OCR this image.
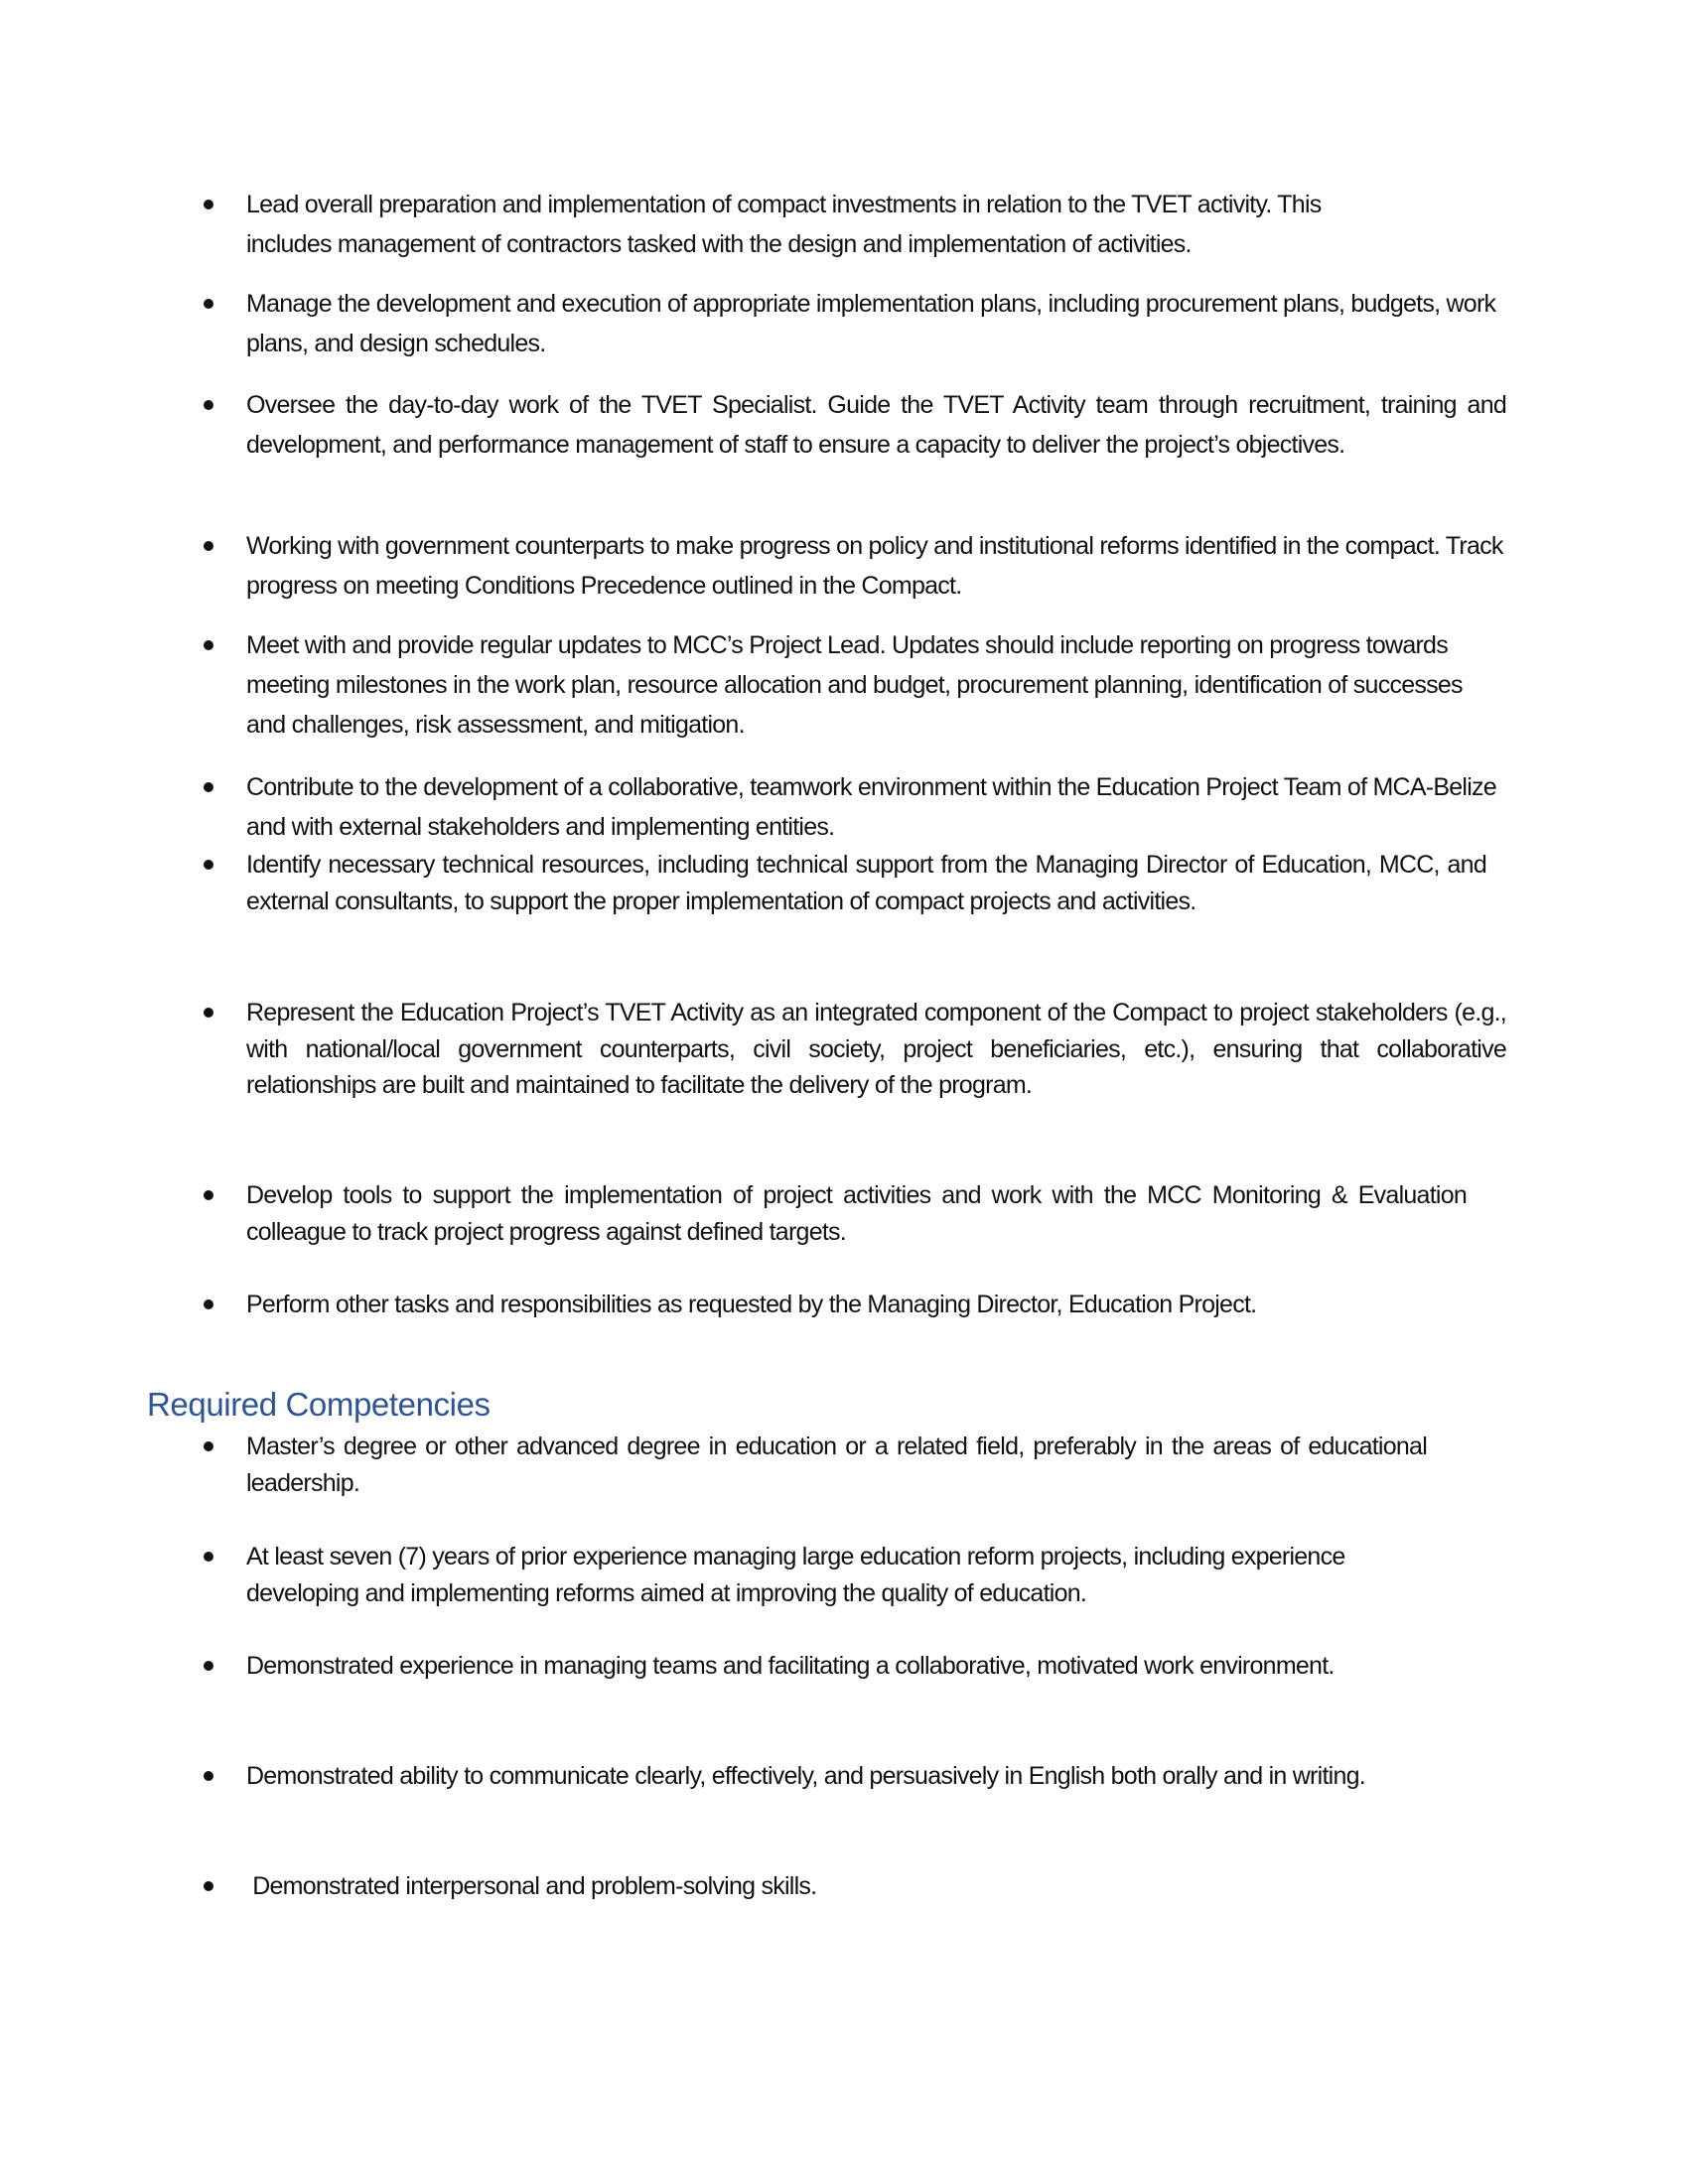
Lead overall preparation and implementation of compact investments in relation to the TVET activity. This includes management of contractors tasked with the design and implementation of activities.
Manage the development and execution of appropriate implementation plans, including procurement plans, budgets, work plans, and design schedules.
Oversee the day-to-day work of the TVET Specialist. Guide the TVET Activity team through recruitment, training and development, and performance management of staff to ensure a capacity to deliver the project’s objectives.
Working with government counterparts to make progress on policy and institutional reforms identified in the compact. Track progress on meeting Conditions Precedence outlined in the Compact.
Meet with and provide regular updates to MCC’s Project Lead. Updates should include reporting on progress towards meeting milestones in the work plan, resource allocation and budget, procurement planning, identification of successes and challenges, risk assessment, and mitigation.
Contribute to the development of a collaborative, teamwork environment within the Education Project Team of MCA-Belize and with external stakeholders and implementing entities.
Identify necessary technical resources, including technical support from the Managing Director of Education, MCC, and external consultants, to support the proper implementation of compact projects and activities.
Represent the Education Project’s TVET Activity as an integrated component of the Compact to project stakeholders (e.g., with national/local government counterparts, civil society, project beneficiaries, etc.), ensuring that collaborative relationships are built and maintained to facilitate the delivery of the program.
Develop tools to support the implementation of project activities and work with the MCC Monitoring & Evaluation colleague to track project progress against defined targets.
Perform other tasks and responsibilities as requested by the Managing Director, Education Project.
Required Competencies
Master’s degree or other advanced degree in education or a related field, preferably in the areas of educational leadership.
At least seven (7) years of prior experience managing large education reform projects, including experience developing and implementing reforms aimed at improving the quality of education.
Demonstrated experience in managing teams and facilitating a collaborative, motivated work environment.
Demonstrated ability to communicate clearly, effectively, and persuasively in English both orally and in writing.
Demonstrated interpersonal and problem-solving skills.
